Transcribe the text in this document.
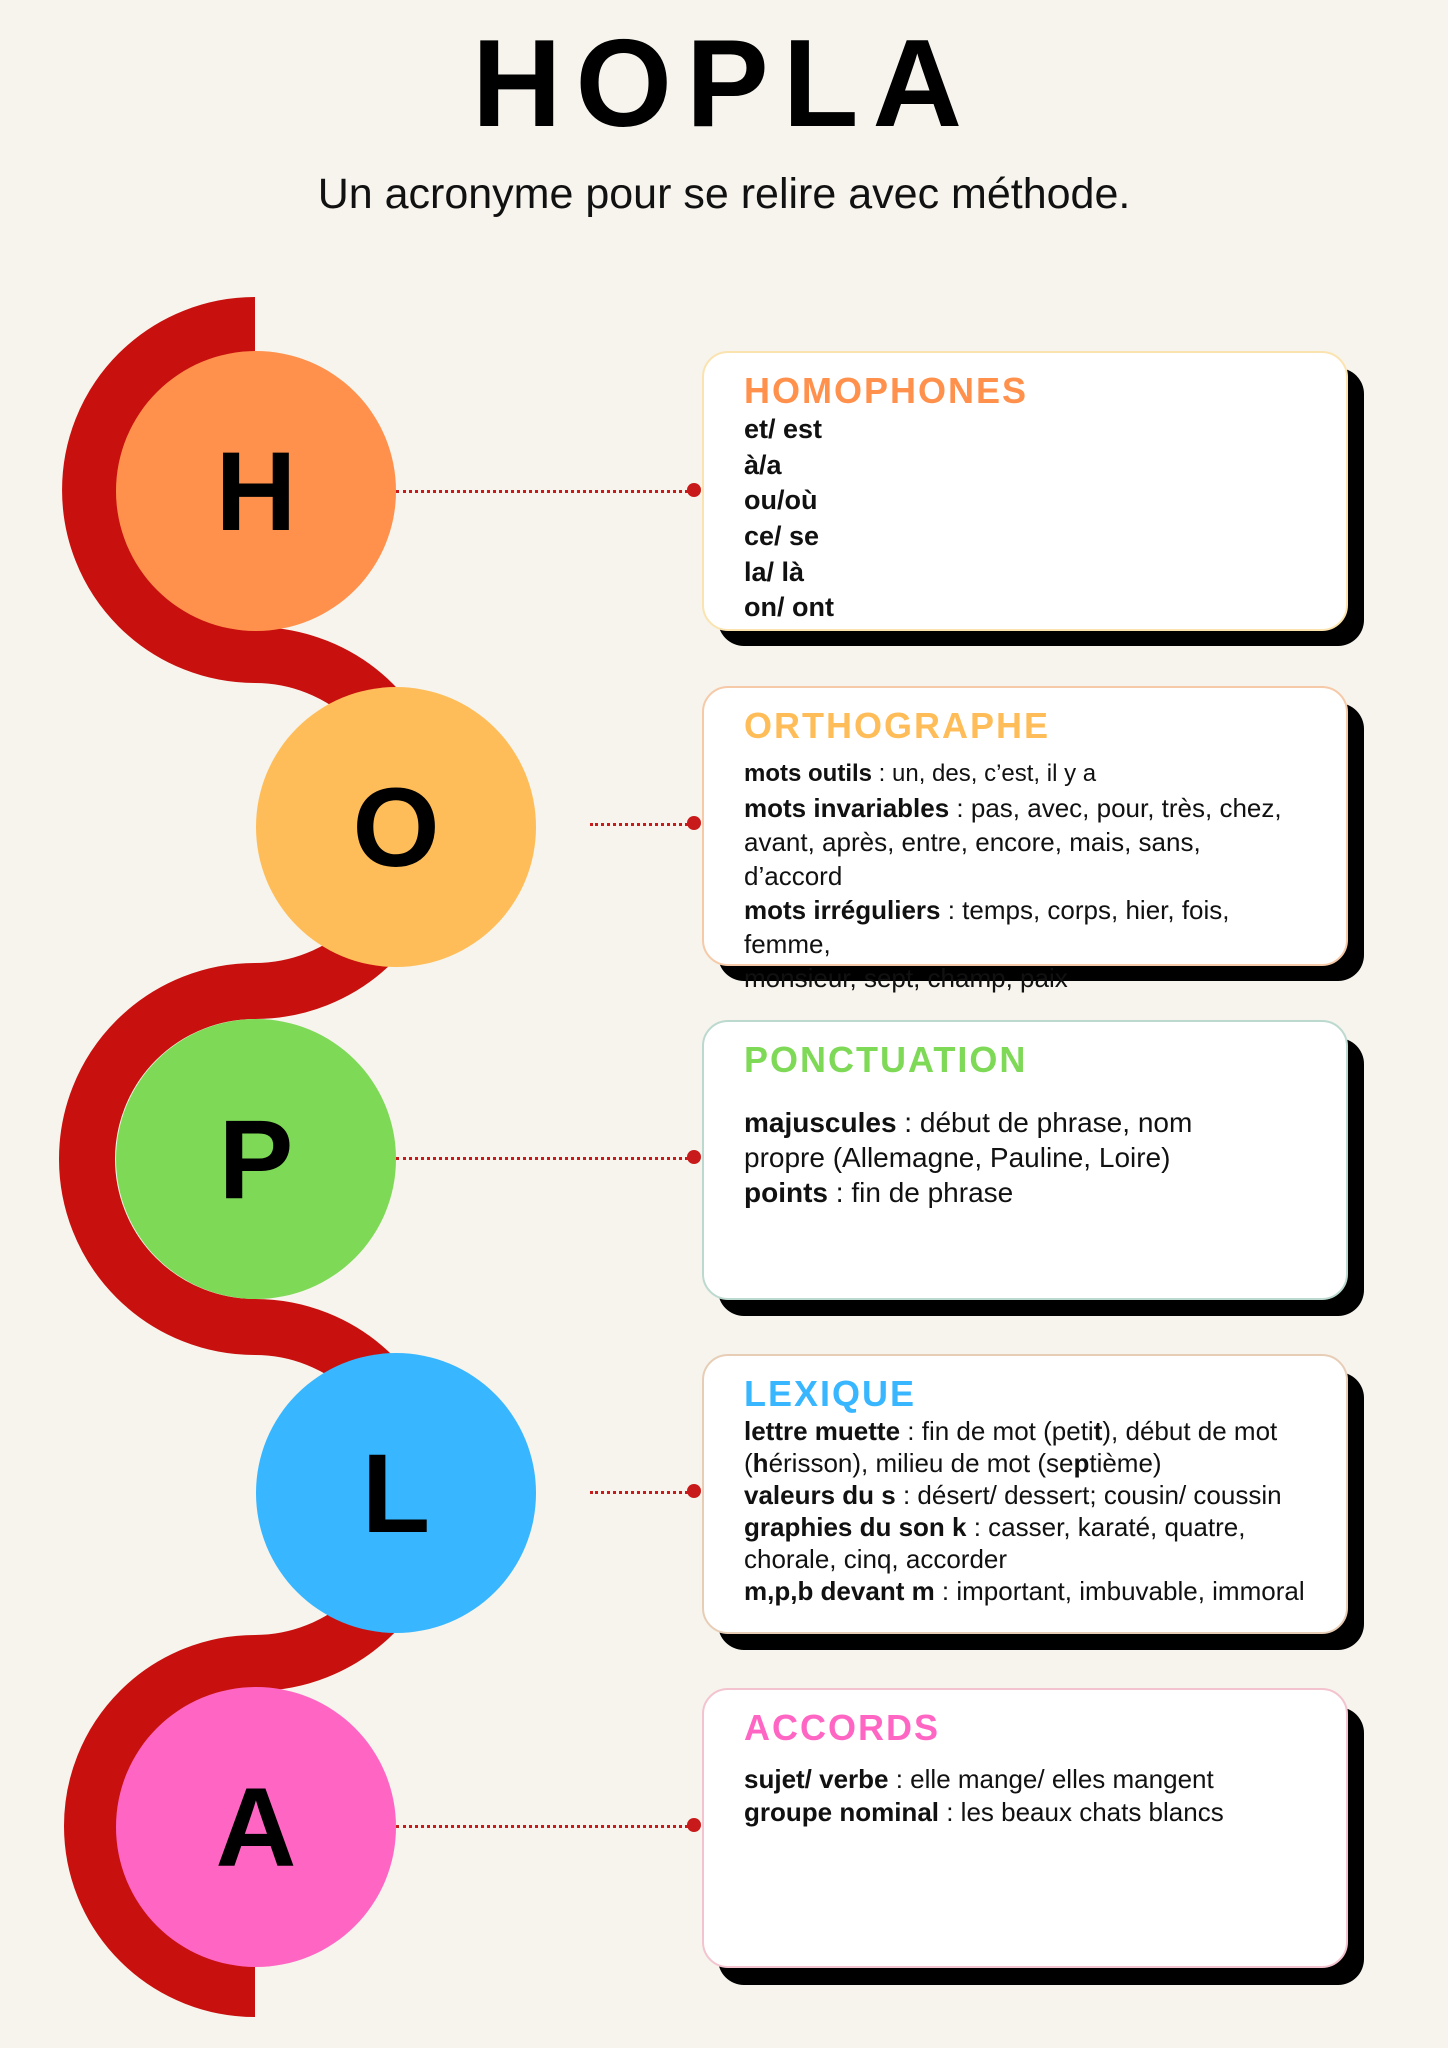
HOPLA
Un acronyme pour se relire avec méthode.
H
HOMOPHONES
et/ est
à/a
ou/où
ce/ se
la/ là
on/ ont
O
ORTHOGRAPHE
mots outils : un, des, c’est, il y a
mots invariables : pas, avec, pour, très, chez,
avant, après, entre, encore, mais, sans,
d’accord
mots irréguliers : temps, corps, hier, fois, femme,
monsieur, sept, champ, paix
P
PONCTUATION
majuscules : début de phrase, nom
propre (Allemagne, Pauline, Loire)
points : fin de phrase
L
LEXIQUE
lettre muette : fin de mot (petit), début de mot
(hérisson), milieu de mot (septième)
valeurs du s : désert/ dessert; cousin/ coussin
graphies du son k : casser, karaté, quatre,
chorale, cinq, accorder
m,p,b devant m : important, imbuvable, immoral
A
ACCORDS
sujet/ verbe : elle mange/ elles mangent
groupe nominal : les beaux chats blancs
